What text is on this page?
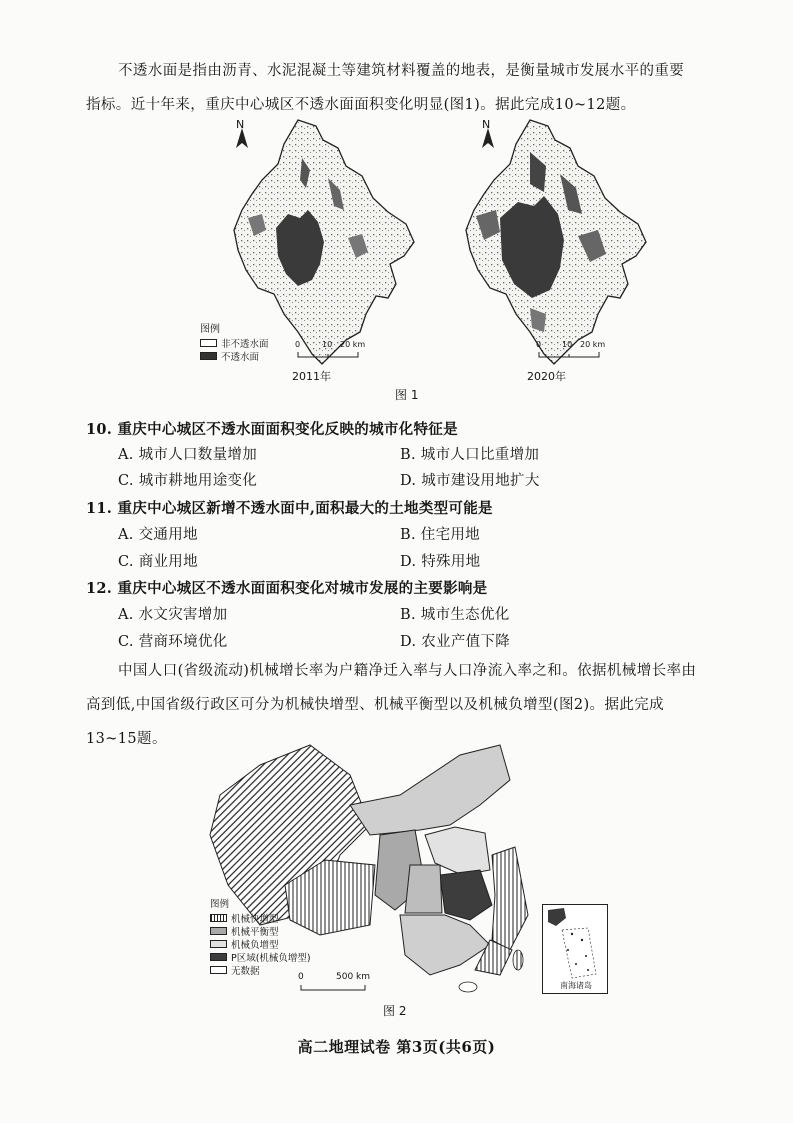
不透水面是指由沥青、水泥混凝土等建筑材料覆盖的地表，是衡量城市发展水平的重要指标。近十年来，重庆中心城区不透水面面积变化明显(图1)。据此完成10~12题。
N	N
图例
非不透水面
不透水面
0	10 20 km	0	10 20 km
2011年	2020年
图 1
10. 重庆中心城区不透水面面积变化反映的城市化特征是
A. 城市人口数量增加	B. 城市人口比重增加
C. 城市耕地用途变化	D. 城市建设用地扩大
11. 重庆中心城区新增不透水面中,面积最大的土地类型可能是
A. 交通用地	B. 住宅用地
C. 商业用地	D. 特殊用地
12. 重庆中心城区不透水面面积变化对城市发展的主要影响是
A. 水文灾害增加	B. 城市生态优化
C. 营商环境优化	D. 农业产值下降
中国人口(省级流动)机械增长率为户籍净迁入率与人口净流入率之和。依据机械增长率由高到低,中国省级行政区可分为机械快增型、机械平衡型以及机械负增型(图2)。据此完成13~15题。
图例
机械快增型
机械平衡型
机械负增型
P区域(机械负增型)
无数据
0	500 km
南海诸岛
图 2
高二地理试卷 第3页(共6页)
